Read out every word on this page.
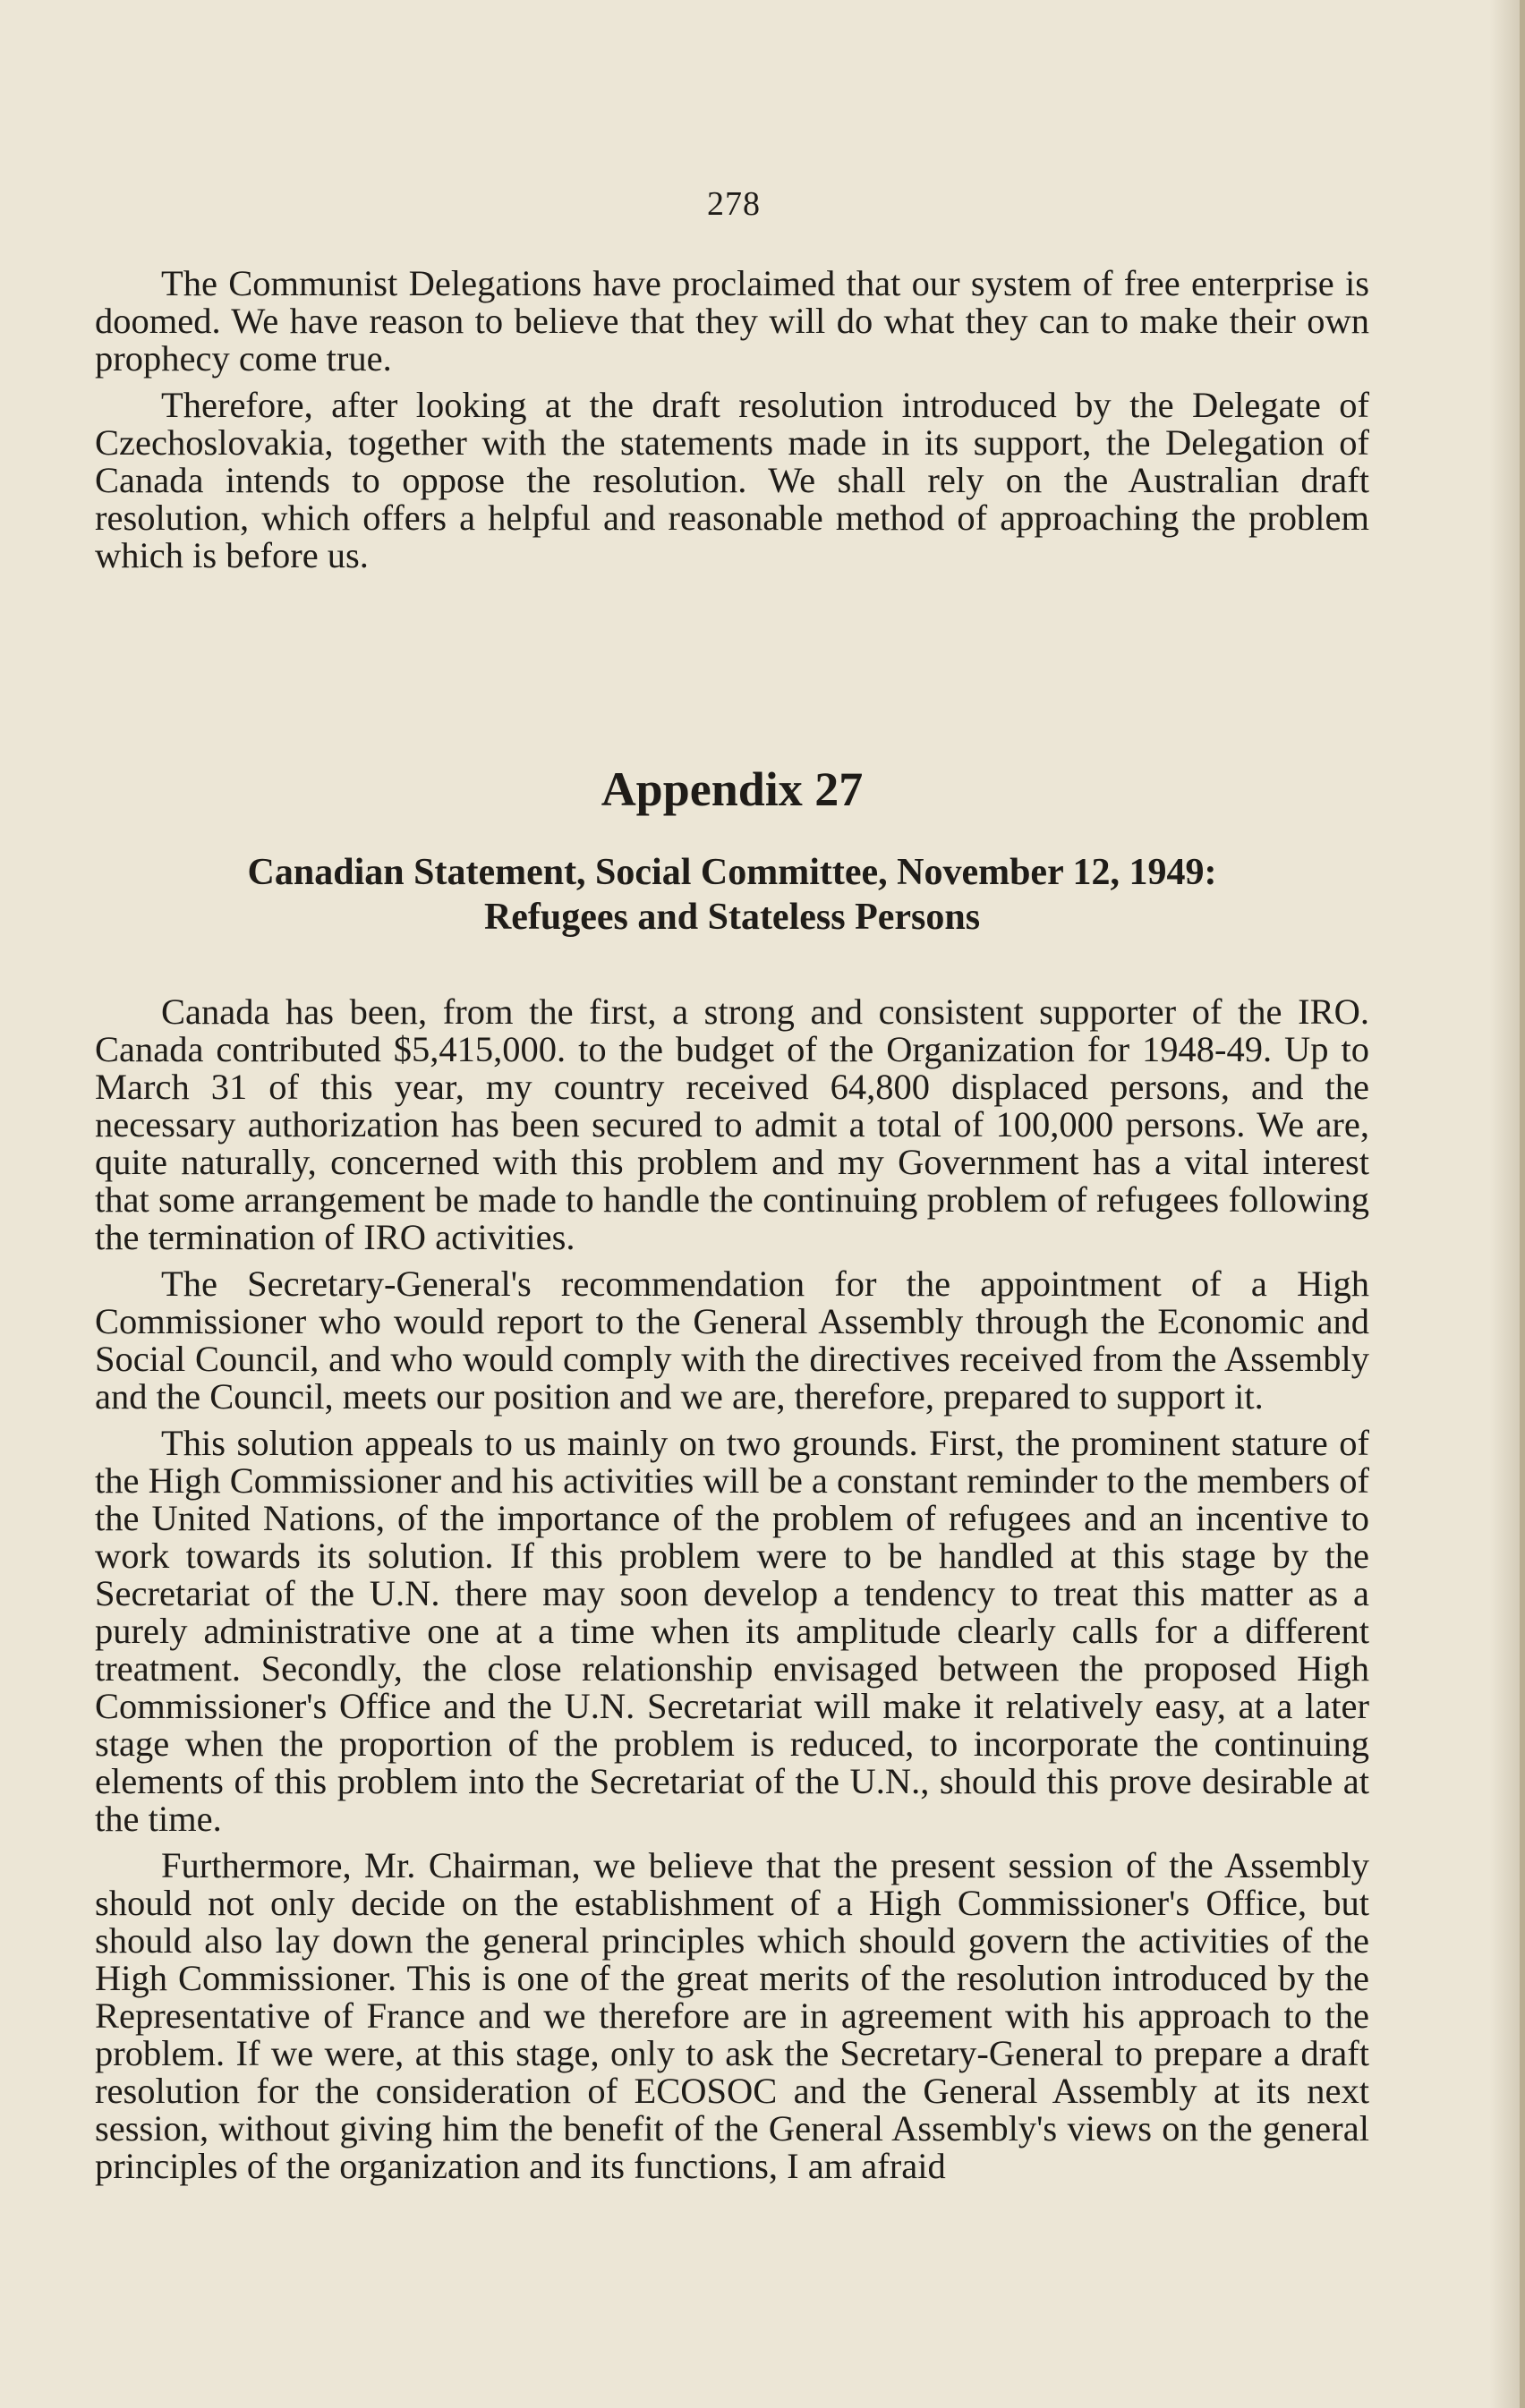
278

The Communist Delegations have proclaimed that our system of free enterprise is doomed. We have reason to believe that they will do what they can to make their own prophecy come true.

Therefore, after looking at the draft resolution introduced by the Delegate of Czechoslovakia, together with the statements made in its support, the Delegation of Canada intends to oppose the resolution. We shall rely on the Australian draft resolution, which offers a helpful and reasonable method of approaching the problem which is before us.

Appendix 27
Canadian Statement, Social Committee, November 12, 1949:
Refugees and Stateless Persons

Canada has been, from the first, a strong and consistent supporter of the IRO. Canada contributed $5,415,000. to the budget of the Organization for 1948-49. Up to March 31 of this year, my country received 64,800 displaced persons, and the necessary authorization has been secured to admit a total of 100,000 persons. We are, quite naturally, concerned with this problem and my Government has a vital interest that some arrangement be made to handle the continuing problem of refugees following the termination of IRO activities.

The Secretary-General's recommendation for the appointment of a High Commissioner who would report to the General Assembly through the Economic and Social Council, and who would comply with the directives received from the Assembly and the Council, meets our position and we are, therefore, prepared to support it.

This solution appeals to us mainly on two grounds. First, the prominent stature of the High Commissioner and his activities will be a constant reminder to the members of the United Nations, of the importance of the problem of refugees and an incentive to work towards its solution. If this problem were to be handled at this stage by the Secretariat of the U.N. there may soon develop a tendency to treat this matter as a purely administrative one at a time when its amplitude clearly calls for a different treatment. Secondly, the close relationship envisaged between the proposed High Commissioner's Office and the U.N. Secretariat will make it relatively easy, at a later stage when the proportion of the problem is reduced, to incorporate the continuing elements of this problem into the Secretariat of the U.N., should this prove desirable at the time.

Furthermore, Mr. Chairman, we believe that the present session of the Assembly should not only decide on the establishment of a High Commissioner's Office, but should also lay down the general principles which should govern the activities of the High Commissioner. This is one of the great merits of the resolution introduced by the Representative of France and we therefore are in agreement with his approach to the problem. If we were, at this stage, only to ask the Secretary-General to prepare a draft resolution for the consideration of ECOSOC and the General Assembly at its next session, without giving him the benefit of the General Assembly's views on the general principles of the organization and its functions, I am afraid
